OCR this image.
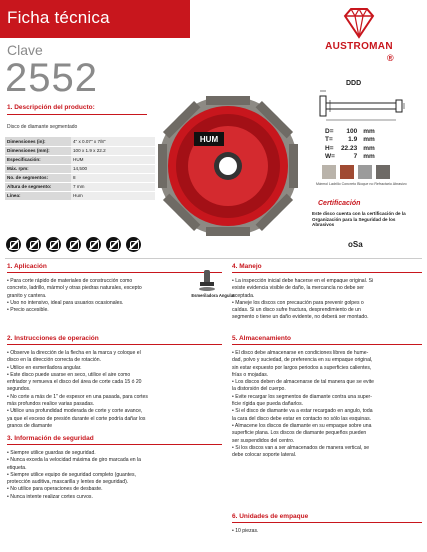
Ficha técnica
AUSTROMAN
®
Clave
2552
1. Descripción del producto:
Disco de diamante segmentado
Dimensiones (in):	4" x 0.07" x 7/8"
Dimensiones (mm):	100 x 1.9 x 22.2
Especificación:	HUM
Máx. rpm:	14,500
No. de segmentos:	8
Altura de segmento:	7 mm
Línea:	Hum
HUM
DDD
D=	100	mm
T=	1.9	mm
H=	22.23	mm
W=	7	mm
Mármol Ladrillo Concreto Bloque no Refractario Abrasivo
Certificación
Este disco cuenta con la certificación de la Organización para la Seguridad de los Abrasivos
oSa
1. Aplicación
• Para corte rápido de materiales de construcción como
concreto, ladrillo, mármol y otras piedras naturales, excepto
granito y cantera.
• Uso no intensivo, ideal para usuarios ocasionales.
• Precio accesible.
Esmeriladora Angular
2. Instrucciones de operación
• Observe la dirección de la flecha en la marca y coloque el
disco en la dirección correcta de rotación.
• Utilice en esmeriladora angular.
• Este disco puede usarse en seco, utilice el aire como
enfriador y remueva el disco del área de corte cada 15 ó 20
segundos.
• No corte a más de 1" de espesor en una pasada, para cortes
más profundos realice varias pasadas.
• Utilice una profundidad moderada de corte y corte avance,
ya que el exceso de presión durante el corte podría dañar los
granos de diamante
3. Información de seguridad
• Siempre utilice guardas de seguridad.
• Nunca exceda la velocidad máxima de giro marcada en la
etiqueta.
• Siempre utilice equipo de seguridad completo (guantes,
protección auditiva, mascarilla y lentes de seguridad).
• No utilice para operaciones de desbaste.
• Nunca intente realizar cortes curvos.
4. Manejo
• La inspección inicial debe hacerse en el empaque original. Si
existe evidencia visible de daño, la mercancía no debe ser
aceptada.
• Maneje los discos con precaución para prevenir golpes o
caídas. Si un disco sufre fractura, desprendimiento de un
segmento o tiene un daño evidente, no deberá ser montado.
5. Almacenamiento
• El disco debe almacenarse en condiciones libres de hume-
dad, polvo y suciedad, de preferencia en su empaque original,
sin estar expuesto por largos periodos a superficies calientes,
frías o mojadas.
• Los discos deben de almacenarse de tal manera que se evite
la distorsión del cuerpo.
• Evite recargar los segmentos de diamante contra una super-
ficie rígida que pueda dañarlos.
• Si el disco de diamante va a estar recargado en angulo, toda
la cara del disco debe estar en contacto no sólo las esquinas.
• Almacene los discos de diamante en su empaque sobre una
superficie plana. Los discos de diamante pequeños pueden
ser suspendidos del centro.
• Si los discos van a ser almacenados de manera vertical, se
debe colocar soporte lateral.
6. Unidades de empaque
• 10 piezas.
